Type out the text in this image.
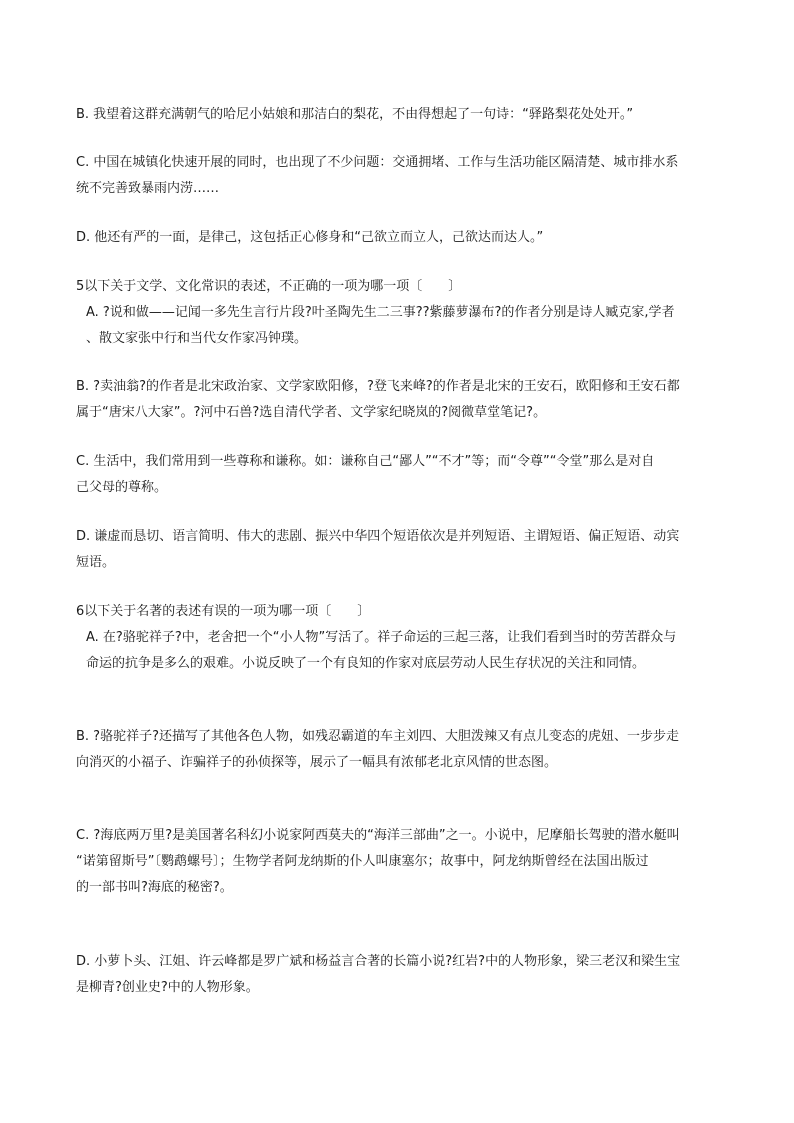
B. 我望着这群充满朝气的哈尼小姑娘和那洁白的梨花，不由得想起了一句诗：“驿路梨花处处开。”
C. 中国在城镇化快速开展的同时，也出现了不少问题：交通拥堵、工作与生活功能区隔清楚、城市排水系
统不完善致暴雨内涝……
D. 他还有严的一面，是律己，这包括正心修身和“己欲立而立人，己欲达而达人。”
5以下关于文学、文化常识的表述，不正确的一项为哪一项〔　　〕
A. ?说和做——记闻一多先生言行片段?叶圣陶先生二三事??紫藤萝瀑布?的作者分别是诗人臧克家,学者
、散文家张中行和当代女作家冯钟璞。
B. ?卖油翁?的作者是北宋政治家、文学家欧阳修，?登飞来峰?的作者是北宋的王安石，欧阳修和王安石都
属于“唐宋八大家”。?河中石兽?选自清代学者、文学家纪晓岚的?阅微草堂笔记?。
C. 生活中，我们常用到一些尊称和谦称。如：谦称自己“鄙人”“不才”等；而“令尊”“令堂”那么是对自
己父母的尊称。
D. 谦虚而恳切、语言简明、伟大的悲剧、振兴中华四个短语依次是并列短语、主谓短语、偏正短语、动宾
短语。
6以下关于名著的表述有误的一项为哪一项〔　　〕
A. 在?骆驼祥子?中，老舍把一个“小人物”写活了。祥子命运的三起三落，让我们看到当时的劳苦群众与
命运的抗争是多么的艰难。小说反映了一个有良知的作家对底层劳动人民生存状况的关注和同情。
B. ?骆驼祥子?还描写了其他各色人物，如残忍霸道的车主刘四、大胆泼辣又有点儿变态的虎妞、一步步走
向消灭的小福子、诈骗祥子的孙侦探等，展示了一幅具有浓郁老北京风情的世态图。
C. ?海底两万里?是美国著名科幻小说家阿西莫夫的“海洋三部曲”之一。小说中，尼摩船长驾驶的潜水艇叫
“诺第留斯号”〔鹦鹉螺号〕；生物学者阿龙纳斯的仆人叫康塞尔；故事中，阿龙纳斯曾经在法国出版过
的一部书叫?海底的秘密?。
D. 小萝卜头、江姐、许云峰都是罗广斌和杨益言合著的长篇小说?红岩?中的人物形象，梁三老汉和梁生宝
是柳青?创业史?中的人物形象。
